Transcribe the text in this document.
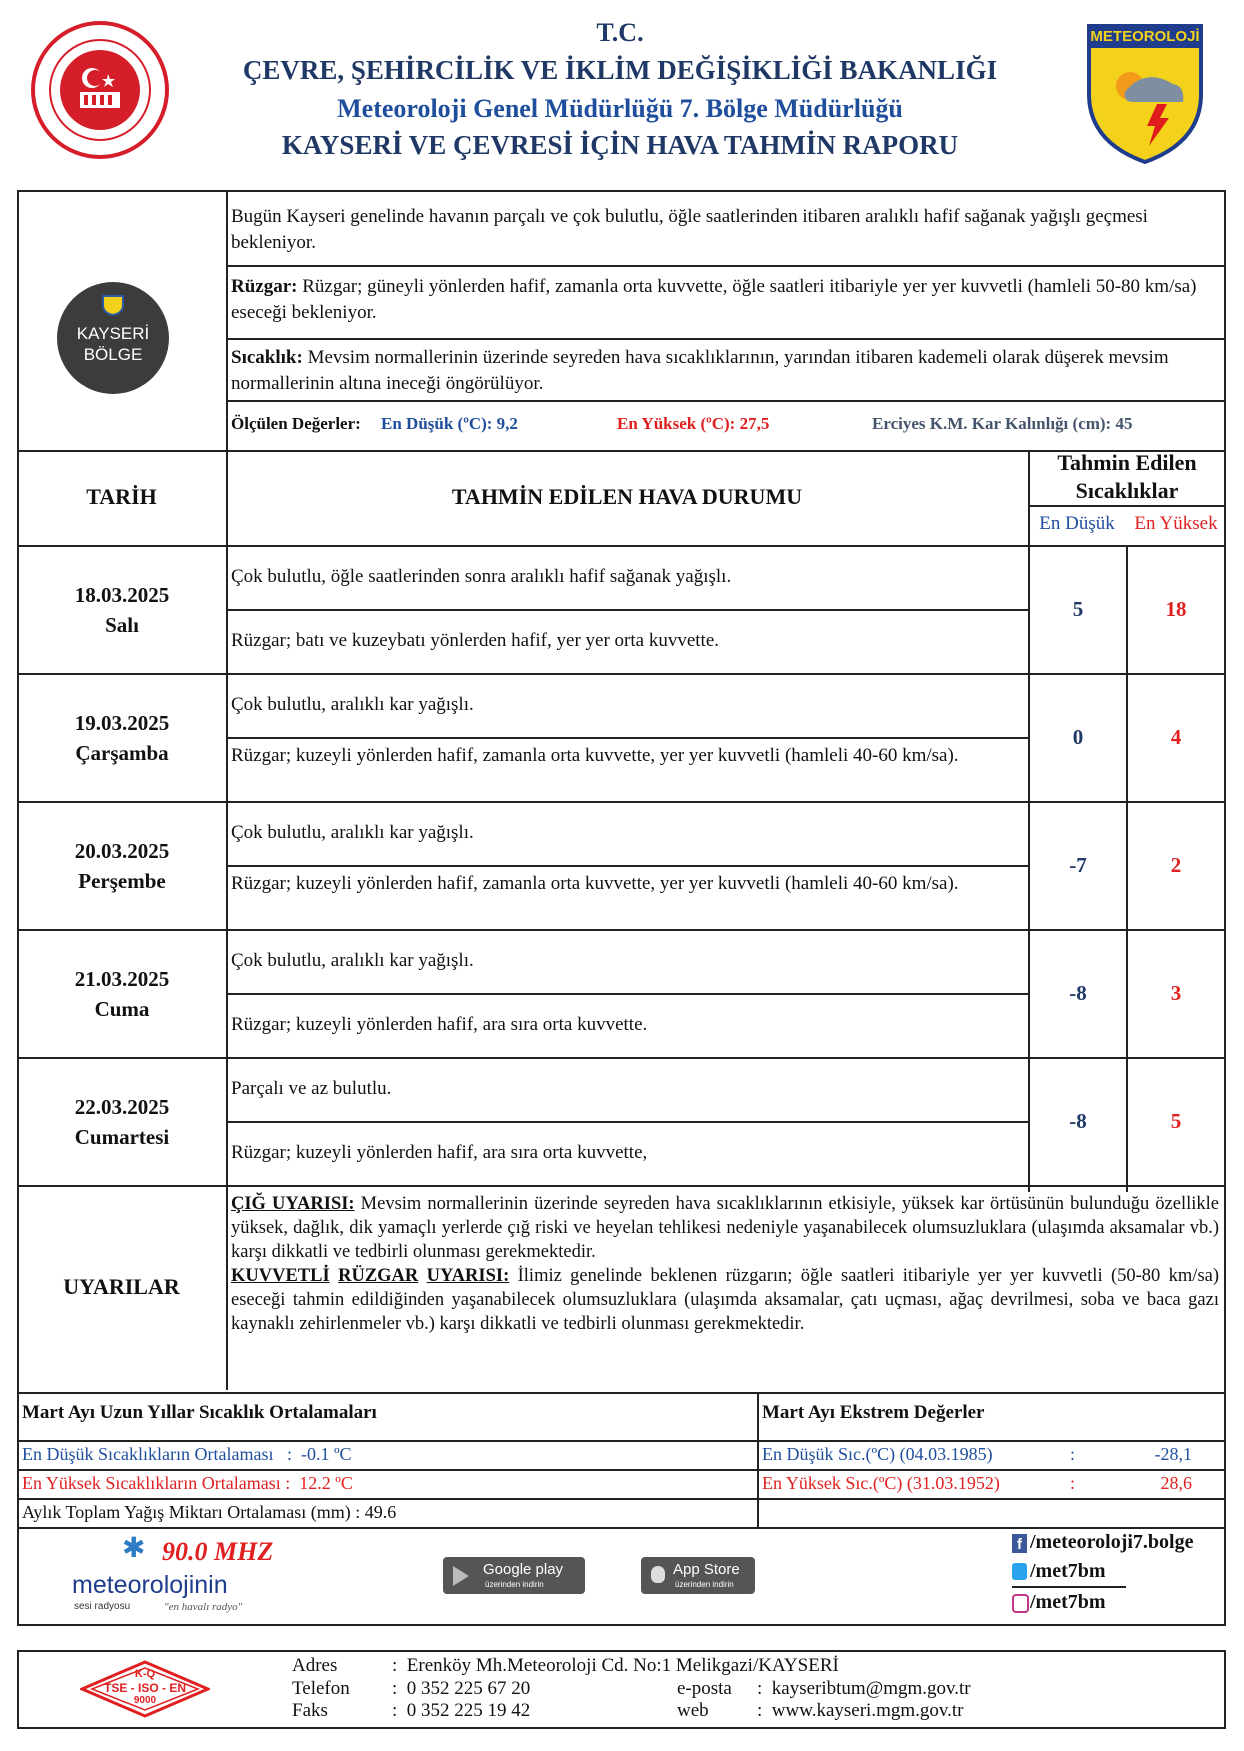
T.C.
ÇEVRE, ŞEHİRCİLİK VE İKLİM DEĞİŞİKLİĞİ BAKANLIĞI
Meteoroloji Genel Müdürlüğü 7. Bölge Müdürlüğü
KAYSERİ VE ÇEVRESİ İÇİN HAVA TAHMİN RAPORU
METEOROLOJİ
KAYSERİ
BÖLGE
Bugün Kayseri genelinde havanın parçalı ve çok bulutlu, öğle saatlerinden itibaren aralıklı hafif sağanak yağışlı geçmesi bekleniyor.
Rüzgar: Rüzgar; güneyli yönlerden hafif, zamanla orta kuvvette, öğle saatleri itibariyle yer yer kuvvetli (hamleli 50-80 km/sa) eseceği bekleniyor.
Sıcaklık: Mevsim normallerinin üzerinde seyreden hava sıcaklıklarının, yarından itibaren kademeli olarak düşerek mevsim normallerinin altına ineceği öngörülüyor.
Ölçülen Değerler: En Düşük (ºC): 9,2	En Yüksek (ºC): 27,5	Erciyes K.M. Kar Kalınlığı (cm): 45
TARİH	TAHMİN EDİLEN HAVA DURUMU
Tahmin Edilen
Sıcaklıklar
En Düşük	En Yüksek
18.03.2025
Salı
Çok bulutlu, öğle saatlerinden sonra aralıklı hafif sağanak yağışlı.
Rüzgar; batı ve kuzeybatı yönlerden hafif, yer yer orta kuvvette.
5	18
19.03.2025
Çarşamba
Çok bulutlu, aralıklı kar yağışlı.
Rüzgar; kuzeyli yönlerden hafif, zamanla orta kuvvette, yer yer kuvvetli (hamleli 40-60 km/sa).
0	4
20.03.2025
Perşembe
Çok bulutlu, aralıklı kar yağışlı.
Rüzgar; kuzeyli yönlerden hafif, zamanla orta kuvvette, yer yer kuvvetli (hamleli 40-60 km/sa).
-7	2
21.03.2025
Cuma
Çok bulutlu, aralıklı kar yağışlı.
Rüzgar; kuzeyli yönlerden hafif, ara sıra orta kuvvette.
-8	3
22.03.2025
Cumartesi
Parçalı ve az bulutlu.
Rüzgar; kuzeyli yönlerden hafif, ara sıra orta kuvvette,
-8	5
UYARILAR
ÇIĞ UYARISI: Mevsim normallerinin üzerinde seyreden hava sıcaklıklarının etkisiyle, yüksek kar örtüsünün bulunduğu özellikle yüksek, dağlık, dik yamaçlı yerlerde çığ riski ve heyelan tehlikesi nedeniyle yaşanabilecek olumsuzluklara (ulaşımda aksamalar vb.) karşı dikkatli ve tedbirli olunması gerekmektedir.
KUVVETLİ RÜZGAR UYARISI: İlimiz genelinde beklenen rüzgarın; öğle saatleri itibariyle yer yer kuvvetli (50-80 km/sa) eseceği tahmin edildiğinden yaşanabilecek olumsuzluklara (ulaşımda aksamalar, çatı uçması, ağaç devrilmesi, soba ve baca gazı kaynaklı zehirlenmeler vb.) karşı dikkatli ve tedbirli olunması gerekmektedir.
Mart Ayı Uzun Yıllar Sıcaklık Ortalamaları	Mart Ayı Ekstrem Değerler
En Düşük Sıcaklıkların Ortalaması   :  -0.1 ºC
En Yüksek Sıcaklıkların Ortalaması :  12.2 ºC
Aylık Toplam Yağış Miktarı Ortalaması (mm) : 49.6
En Düşük Sıc.(ºC) (04.03.1985)	:	-28,1
En Yüksek Sıc.(ºC) (31.03.1952)	:	28,6
✱ 90.0 MHZ
meteorolojinin
sesi radyosu	"en havalı radyo"
Google play
üzerinden indirin
App Store
üzerinden indirin
f /meteoroloji7.bolge
/met7bm
/met7bm
K-Q
TSE - ISO - EN
9000
Adres	:  Erenköy Mh.Meteoroloji Cd. No:1 Melikgazi/KAYSERİ
Telefon :  0 352 225 67 20
Faks	:  0 352 225 19 42
e-posta :  kayseribtum@mgm.gov.tr
web	:  www.kayseri.mgm.gov.tr
